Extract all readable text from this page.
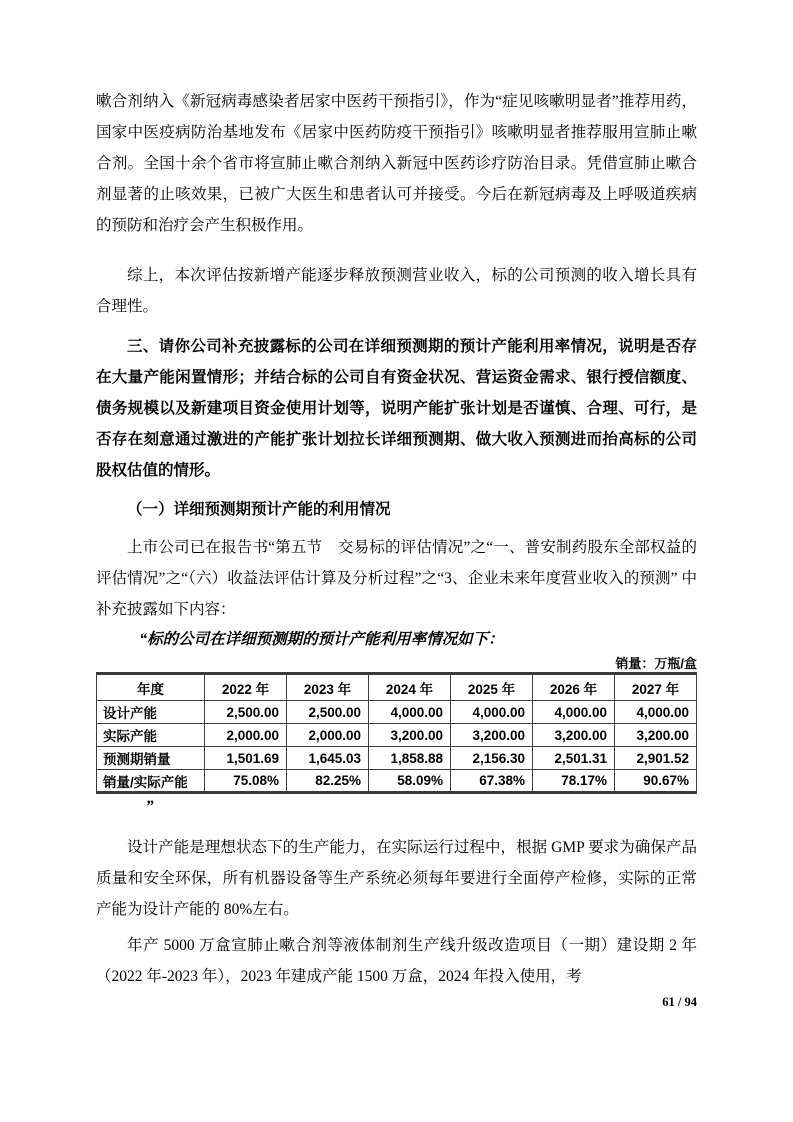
嗽合剂纳入《新冠病毒感染者居家中医药干预指引》，作为“症见咳嗽明显者”推荐用药，国家中医疫病防治基地发布《居家中医药防疫干预指引》咳嗽明显者推荐服用宣肺止嗽合剂。全国十余个省市将宣肺止嗽合剂纳入新冠中医药诊疗防治目录。凭借宣肺止嗽合剂显著的止咳效果，已被广大医生和患者认可并接受。今后在新冠病毒及上呼吸道疾病的预防和治疗会产生积极作用。

综上，本次评估按新增产能逐步释放预测营业收入，标的公司预测的收入增长具有合理性。

三、请你公司补充披露标的公司在详细预测期的预计产能利用率情况，说明是否存在大量产能闲置情形；并结合标的公司自有资金状况、营运资金需求、银行授信额度、债务规模以及新建项目资金使用计划等，说明产能扩张计划是否谨慎、合理、可行，是否存在刻意通过激进的产能扩张计划拉长详细预测期、做大收入预测进而抬高标的公司股权估值的情形。

（一）详细预测期预计产能的利用情况

上市公司已在报告书“第五节　交易标的评估情况”之“一、普安制药股东全部权益的评估情况”之“（六）收益法评估计算及分析过程”之“3、企业未来年度营业收入的预测” 中补充披露如下内容：

“标的公司在详细预测期的预计产能利用率情况如下：

销量：万瓶/盒
年度	2022 年	2023 年	2024 年	2025 年	2026 年	2027 年
设计产能	2,500.00	2,500.00	4,000.00	4,000.00	4,000.00	4,000.00
实际产能	2,000.00	2,000.00	3,200.00	3,200.00	3,200.00	3,200.00
预测期销量	1,501.69	1,645.03	1,858.88	2,156.30	2,501.31	2,901.52
销量/实际产能	75.08%	82.25%	58.09%	67.38%	78.17%	90.67%

”

设计产能是理想状态下的生产能力，在实际运行过程中，根据 GMP 要求为确保产品质量和安全环保，所有机器设备等生产系统必须每年要进行全面停产检修，实际的正常产能为设计产能的 80%左右。

年产 5000 万盒宣肺止嗽合剂等液体制剂生产线升级改造项目（一期）建设期 2 年（2022 年-2023 年），2023 年建成产能 1500 万盒，2024 年投入使用，考

61 / 94
